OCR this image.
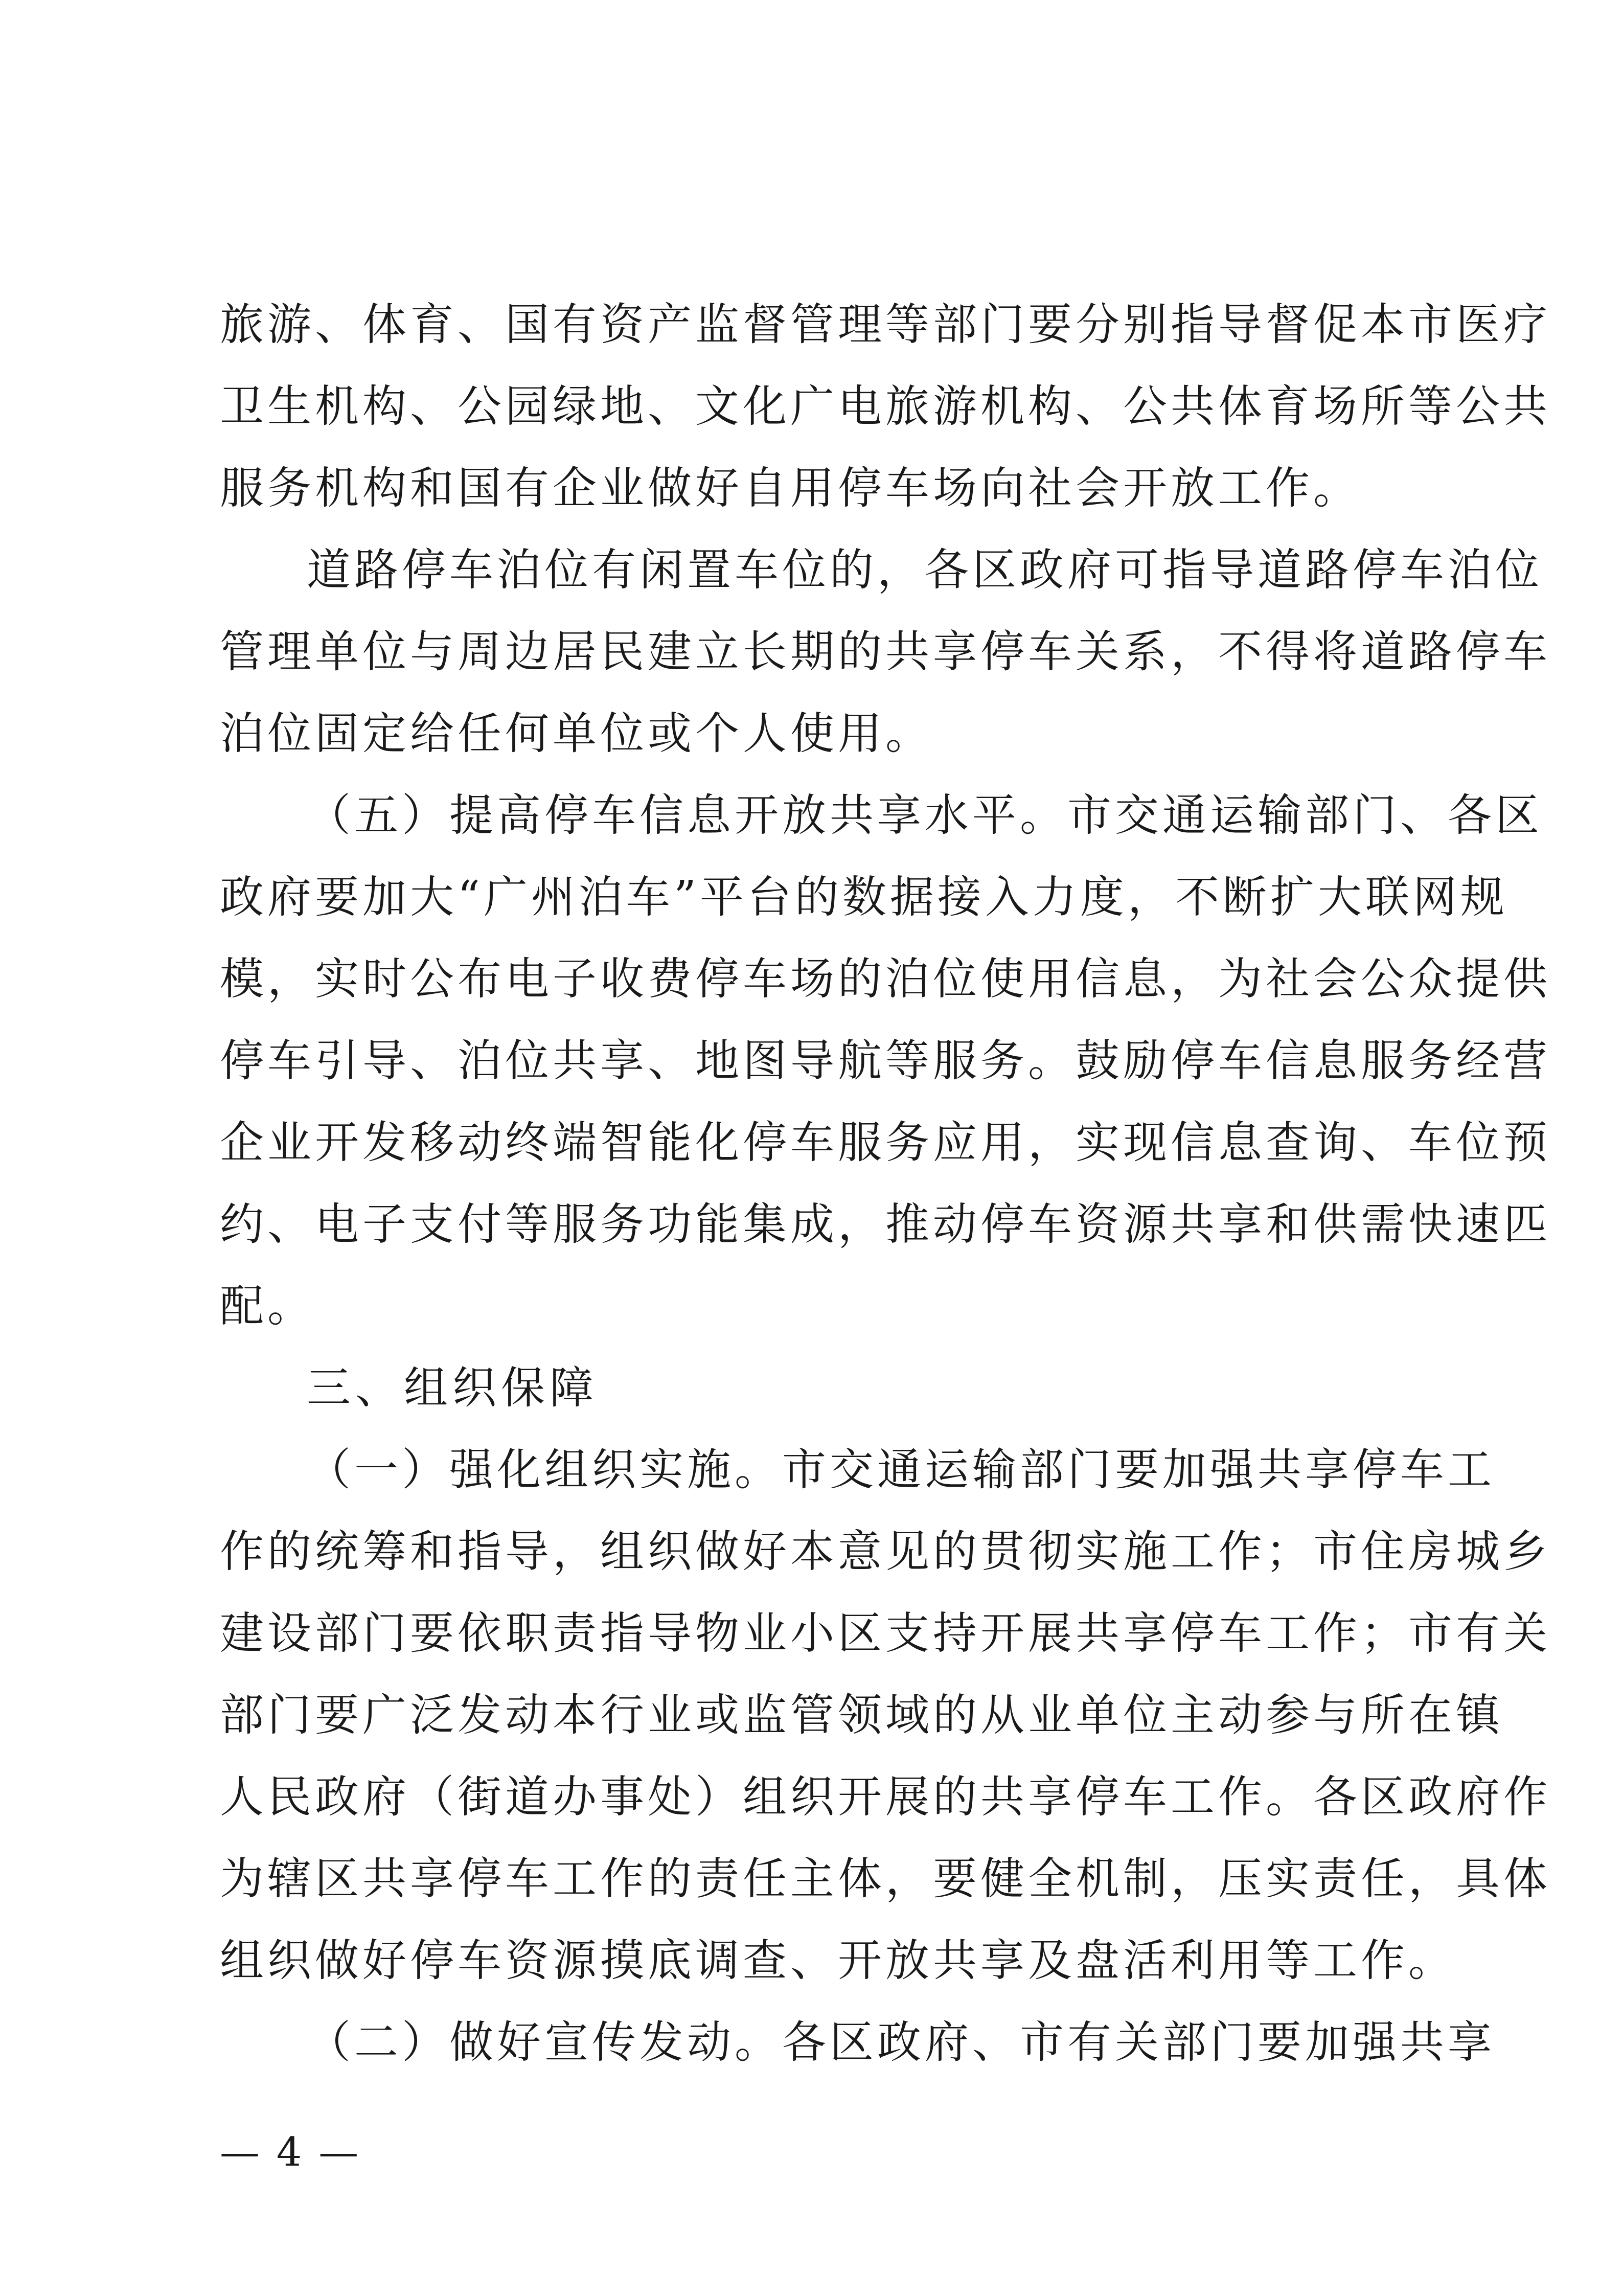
旅游、体育、国有资产监督管理等部门要分别指导督促本市医疗
卫生机构、公园绿地、文化广电旅游机构、公共体育场所等公共
服务机构和国有企业做好自用停车场向社会开放工作。
道路停车泊位有闲置车位的，各区政府可指导道路停车泊位
管理单位与周边居民建立长期的共享停车关系，不得将道路停车
泊位固定给任何单位或个人使用。
（五）提高停车信息开放共享水平。市交通运输部门、各区
政府要加大“广州泊车”平台的数据接入力度，不断扩大联网规
模，实时公布电子收费停车场的泊位使用信息，为社会公众提供
停车引导、泊位共享、地图导航等服务。鼓励停车信息服务经营
企业开发移动终端智能化停车服务应用，实现信息查询、车位预
约、电子支付等服务功能集成，推动停车资源共享和供需快速匹
配。
三、组织保障
（一）强化组织实施。市交通运输部门要加强共享停车工
作的统筹和指导，组织做好本意见的贯彻实施工作；市住房城乡
建设部门要依职责指导物业小区支持开展共享停车工作；市有关
部门要广泛发动本行业或监管领域的从业单位主动参与所在镇
人民政府（街道办事处）组织开展的共享停车工作。各区政府作
为辖区共享停车工作的责任主体，要健全机制，压实责任，具体
组织做好停车资源摸底调查、开放共享及盘活利用等工作。
（二）做好宣传发动。各区政府、市有关部门要加强共享
— 4 —
